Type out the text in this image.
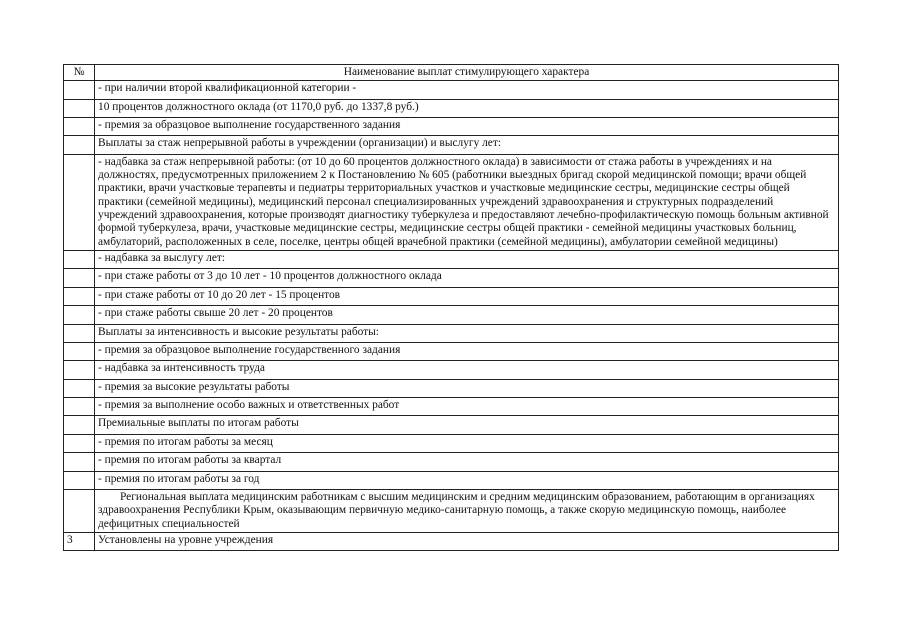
№	Наименование выплат стимулирующего характера
	- при наличии второй квалификационной категории -
	10 процентов должностного оклада (от 1170,0 руб. до 1337,8 руб.)
	- премия за образцовое выполнение государственного задания
	Выплаты за стаж непрерывной работы в учреждении (организации) и выслугу лет:
	- надбавка за стаж непрерывной работы: (от 10 до 60 процентов должностного оклада) в зависимости от стажа работы в учреждениях и на должностях, предусмотренных приложением 2 к Постановлению № 605 (работники выездных бригад скорой медицинской помощи; врачи общей практики, врачи участковые терапевты и педиатры территориальных участков и участковые медицинские сестры, медицинские сестры общей практики (семейной медицины), медицинский персонал специализированных учреждений здравоохранения и структурных подразделений учреждений здравоохранения, которые производят диагностику туберкулеза и предоставляют лечебно-профилактическую помощь больным активной формой туберкулеза, врачи, участковые медицинские сестры, медицинские сестры общей практики - семейной медицины участковых больниц, амбулаторий, расположенных в селе, поселке, центры общей врачебной практики (семейной медицины), амбулатории семейной медицины)
	- надбавка за выслугу лет:
	- при стаже работы от 3 до 10 лет - 10 процентов должностного оклада
	- при стаже работы от 10 до 20 лет - 15 процентов
	- при стаже работы свыше 20 лет - 20 процентов
	Выплаты за интенсивность и высокие результаты работы:
	- премия за образцовое выполнение государственного задания
	- надбавка за интенсивность труда
	- премия за высокие результаты работы
	- премия за выполнение особо важных и ответственных работ
	Премиальные выплаты по итогам работы
	- премия по итогам работы за месяц
	- премия по итогам работы за квартал
	- премия по итогам работы за год
	Региональная выплата медицинским работникам с высшим медицинским и средним медицинским образованием, работающим в организациях здравоохранения Республики Крым, оказывающим первичную медико-санитарную помощь, а также скорую медицинскую помощь, наиболее дефицитных специальностей
3	Установлены на уровне учреждения
